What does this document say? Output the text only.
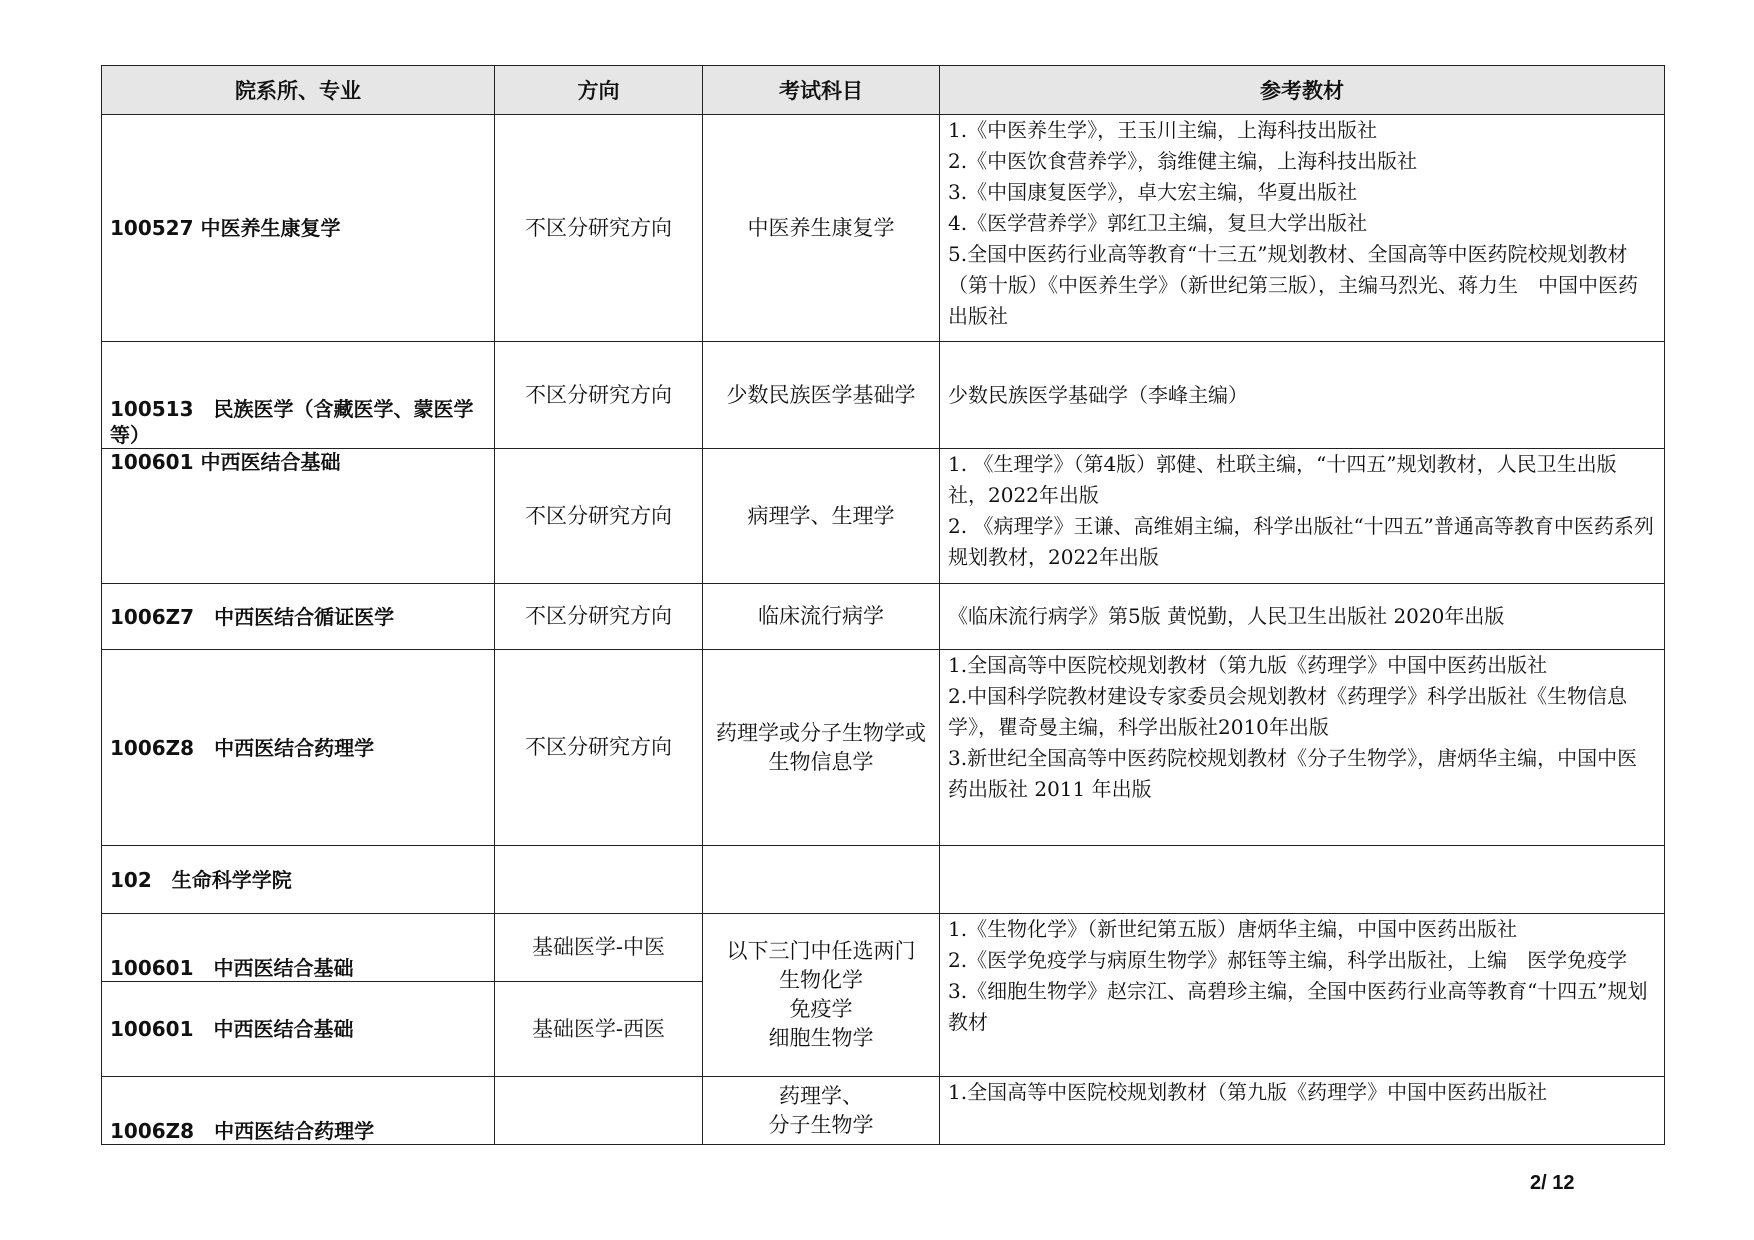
院系所、专业	方向	考试科目	参考教材
100527 中医养生康复学	不区分研究方向	中医养生康复学	1.《中医养生学》，王玉川主编，上海科技出版社
2.《中医饮食营养学》，翁维健主编，上海科技出版社
3.《中国康复医学》，卓大宏主编，华夏出版社
4.《医学营养学》郭红卫主编，复旦大学出版社
5.全国中医药行业高等教育“十三五”规划教材、全国高等中医药院校规划教材（第十版）《中医养生学》（新世纪第三版），主编马烈光、蒋力生　中国中医药出版社

100513　民族医学（含藏医学、蒙医学等）	不区分研究方向	少数民族医学基础学	少数民族医学基础学（李峰主编）

100601 中西医结合基础	不区分研究方向	病理学、生理学	1. 《生理学》（第4版）郭健、杜联主编，“十四五”规划教材，人民卫生出版社，2022年出版
2. 《病理学》王谦、高维娟主编，科学出版社“十四五”普通高等教育中医药系列规划教材，2022年出版

1006Z7　中西医结合循证医学	不区分研究方向	临床流行病学	《临床流行病学》第5版 黄悦勤，人民卫生出版社 2020年出版

1006Z8　中西医结合药理学	不区分研究方向	药理学或分子生物学或生物信息学	1.全国高等中医院校规划教材（第九版《药理学》中国中医药出版社
2.中国科学院教材建设专家委员会规划教材《药理学》科学出版社《生物信息学》，瞿奇曼主编，科学出版社2010年出版
3.新世纪全国高等中医药院校规划教材《分子生物学》，唐炳华主编，中国中医药出版社 2011 年出版

102　生命科学学院			
100601　中西医结合基础	基础医学-中医	以下三门中任选两门
生物化学
免疫学
细胞生物学	1.《生物化学》（新世纪第五版）唐炳华主编，中国中医药出版社
2.《医学免疫学与病原生物学》郝钰等主编，科学出版社，上编　医学免疫学
3.《细胞生物学》赵宗江、高碧珍主编，全国中医药行业高等教育“十四五”规划教材

100601　中西医结合基础	基础医学-西医		
1006Z8　中西医结合药理学		药理学、
分子生物学	1.全国高等中医院校规划教材（第九版《药理学》中国中医药出版社
2/ 12
